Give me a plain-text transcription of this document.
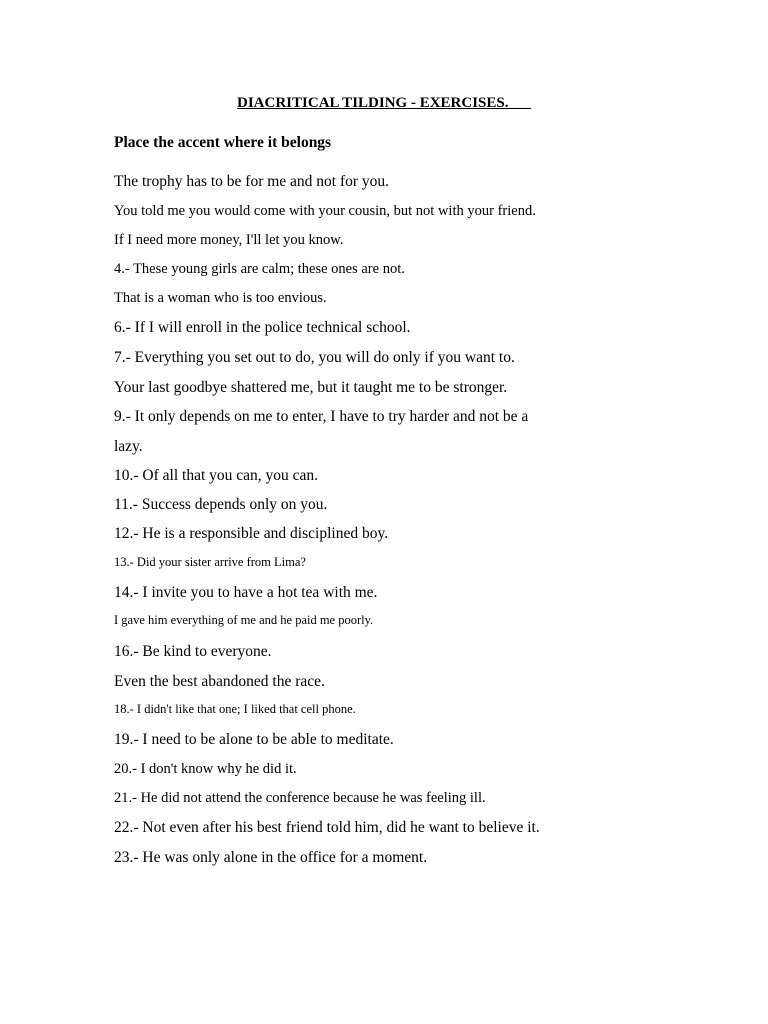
DIACRITICAL TILDING - EXERCISES.___
Place the accent where it belongs
The trophy has to be for me and not for you.
You told me you would come with your cousin, but not with your friend.
If I need more money, I'll let you know.
4.- These young girls are calm; these ones are not.
That is a woman who is too envious.
6.- If I will enroll in the police technical school.
7.- Everything you set out to do, you will do only if you want to.
Your last goodbye shattered me, but it taught me to be stronger.
9.- It only depends on me to enter, I have to try harder and not be a
lazy.
10.- Of all that you can, you can.
11.- Success depends only on you.
12.- He is a responsible and disciplined boy.
13.- Did your sister arrive from Lima?
14.- I invite you to have a hot tea with me.
I gave him everything of me and he paid me poorly.
16.- Be kind to everyone.
Even the best abandoned the race.
18.- I didn't like that one; I liked that cell phone.
19.- I need to be alone to be able to meditate.
20.- I don't know why he did it.
21.- He did not attend the conference because he was feeling ill.
22.- Not even after his best friend told him, did he want to believe it.
23.- He was only alone in the office for a moment.
